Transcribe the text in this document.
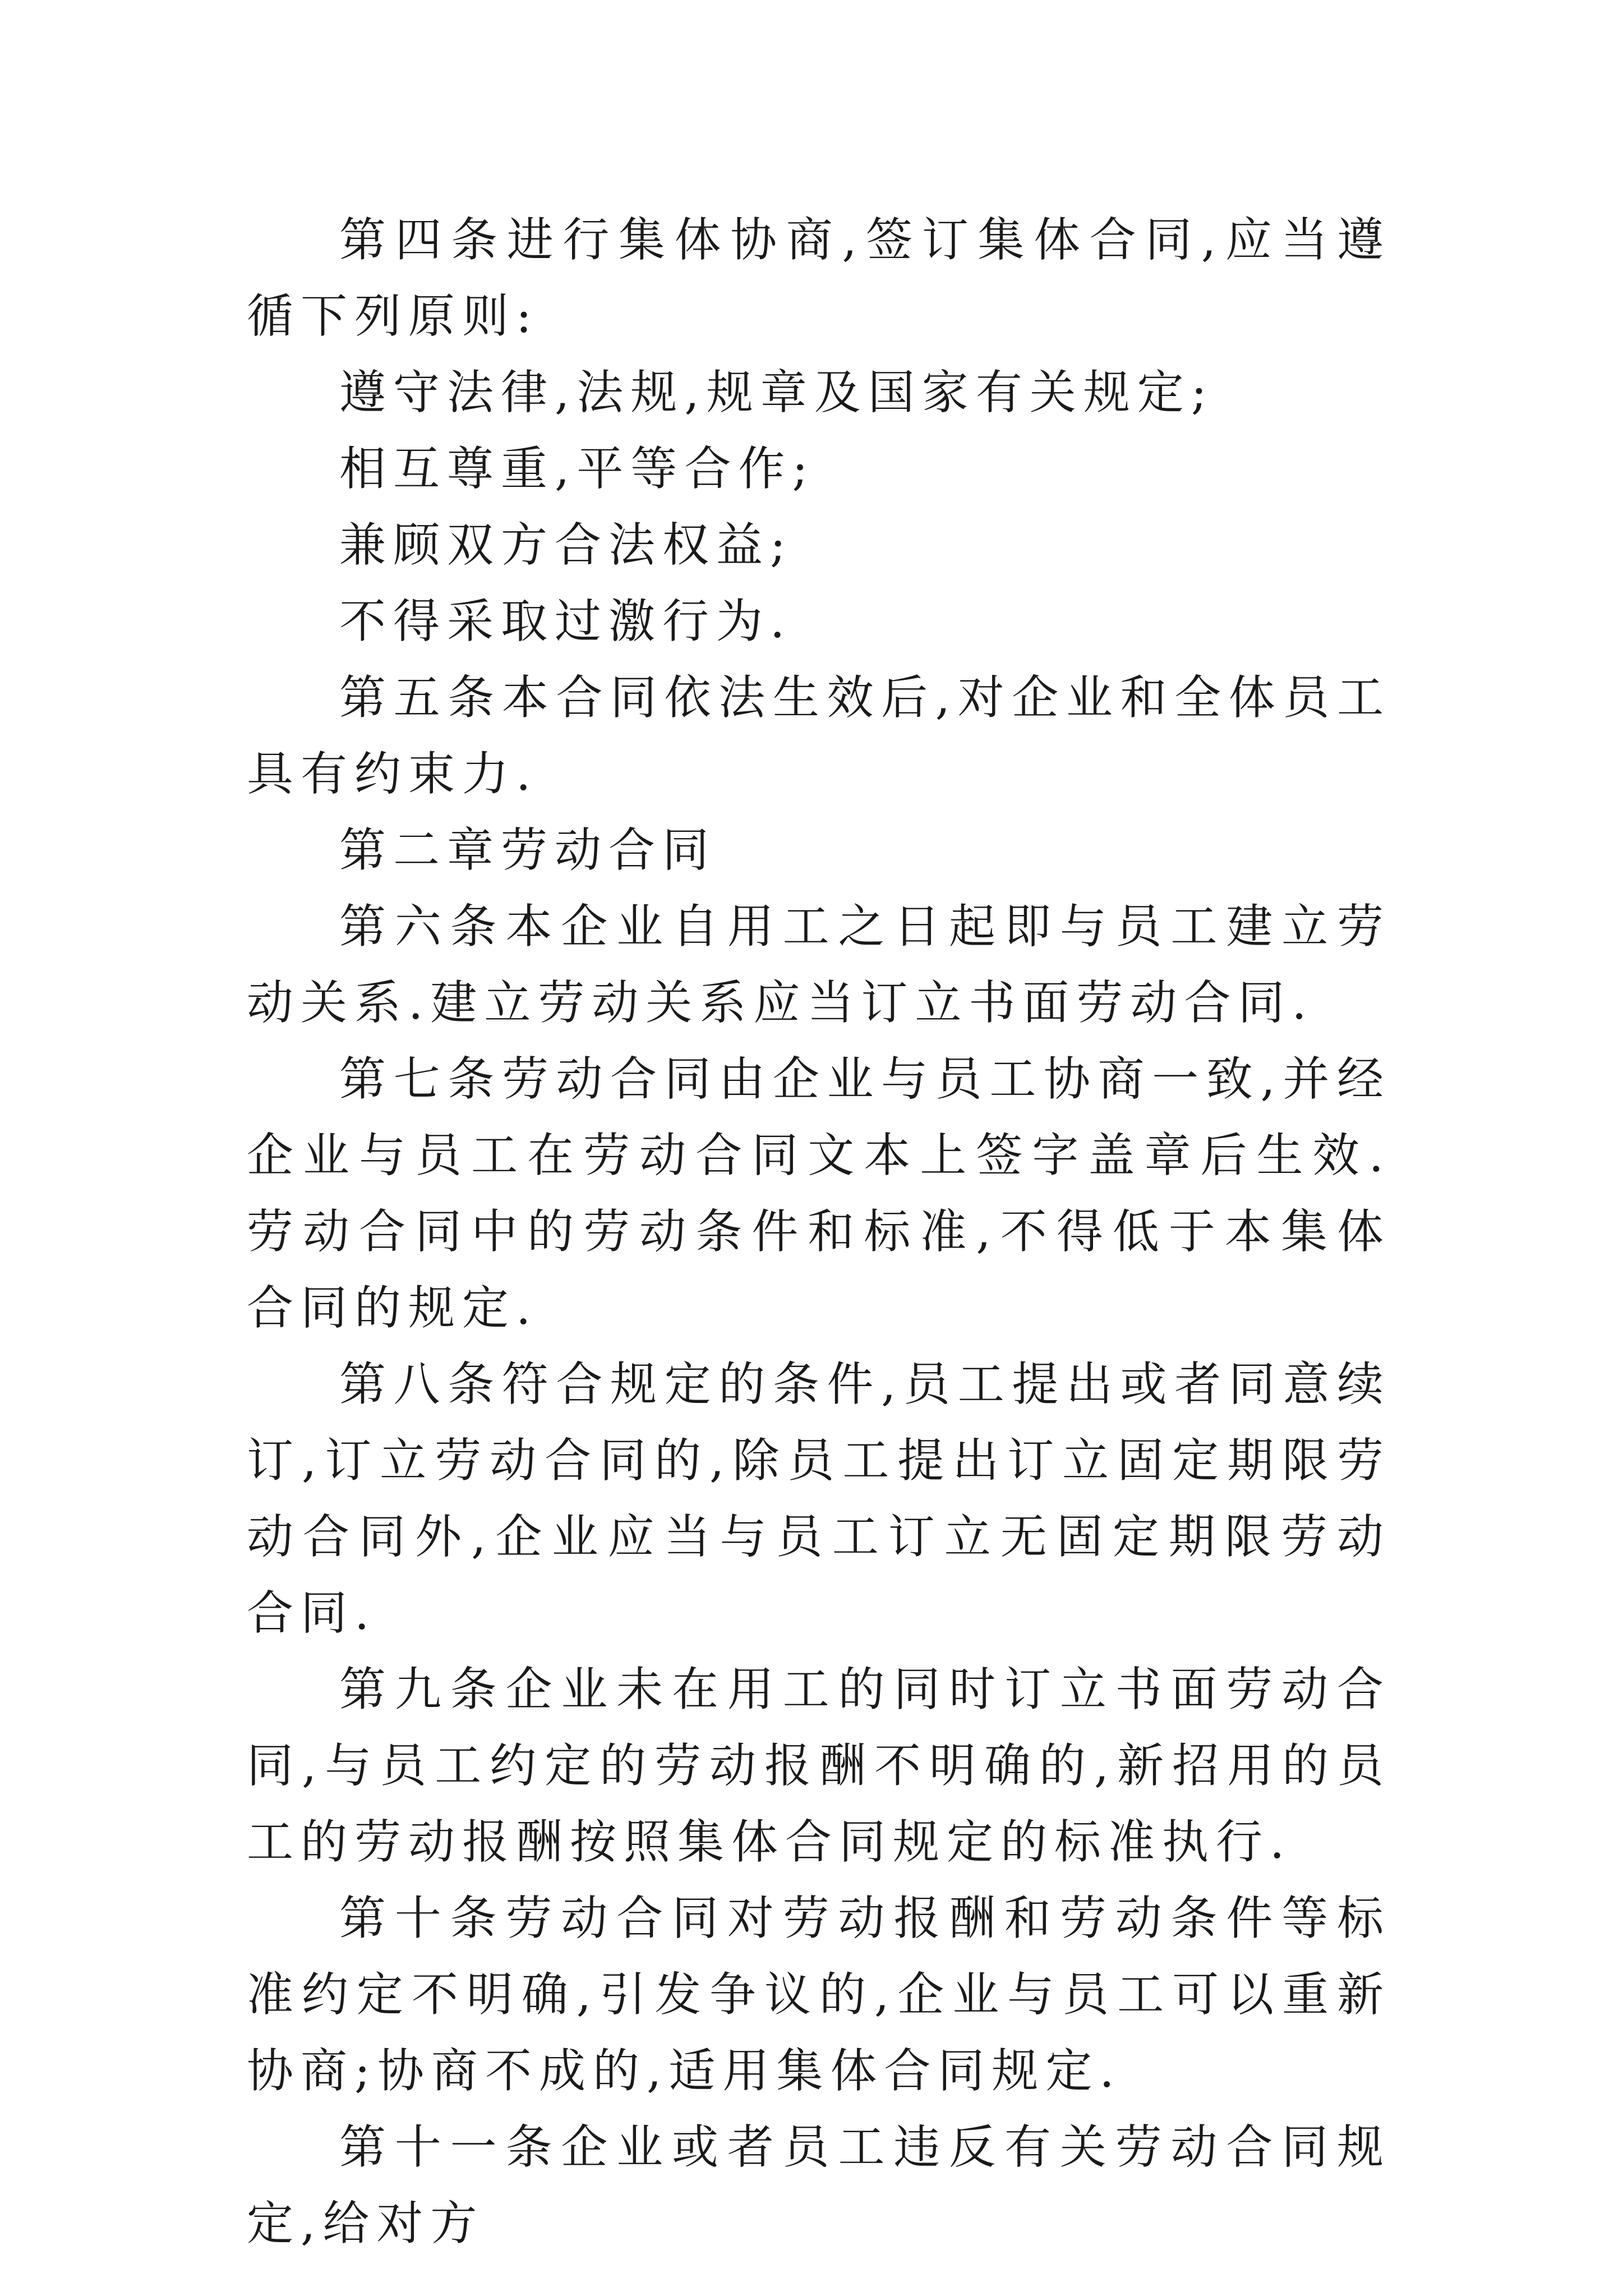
第四条进行集体协商,签订集体合同,应当遵循下列原则:

遵守法律,法规,规章及国家有关规定;

相互尊重,平等合作;

兼顾双方合法权益;

不得采取过激行为.

第五条本合同依法生效后,对企业和全体员工具有约束力.

第二章劳动合同

第六条本企业自用工之日起即与员工建立劳动关系.建立劳动关系应当订立书面劳动合同.

第七条劳动合同由企业与员工协商一致,并经企业与员工在劳动合同文本上签字盖章后生效.劳动合同中的劳动条件和标准,不得低于本集体合同的规定.

第八条符合规定的条件,员工提出或者同意续订,订立劳动合同的,除员工提出订立固定期限劳动合同外,企业应当与员工订立无固定期限劳动合同.

第九条企业未在用工的同时订立书面劳动合同,与员工约定的劳动报酬不明确的,新招用的员工的劳动报酬按照集体合同规定的标准执行.

第十条劳动合同对劳动报酬和劳动条件等标准约定不明确,引发争议的,企业与员工可以重新协商;协商不成的,适用集体合同规定.

第十一条企业或者员工违反有关劳动合同规定,给对方
